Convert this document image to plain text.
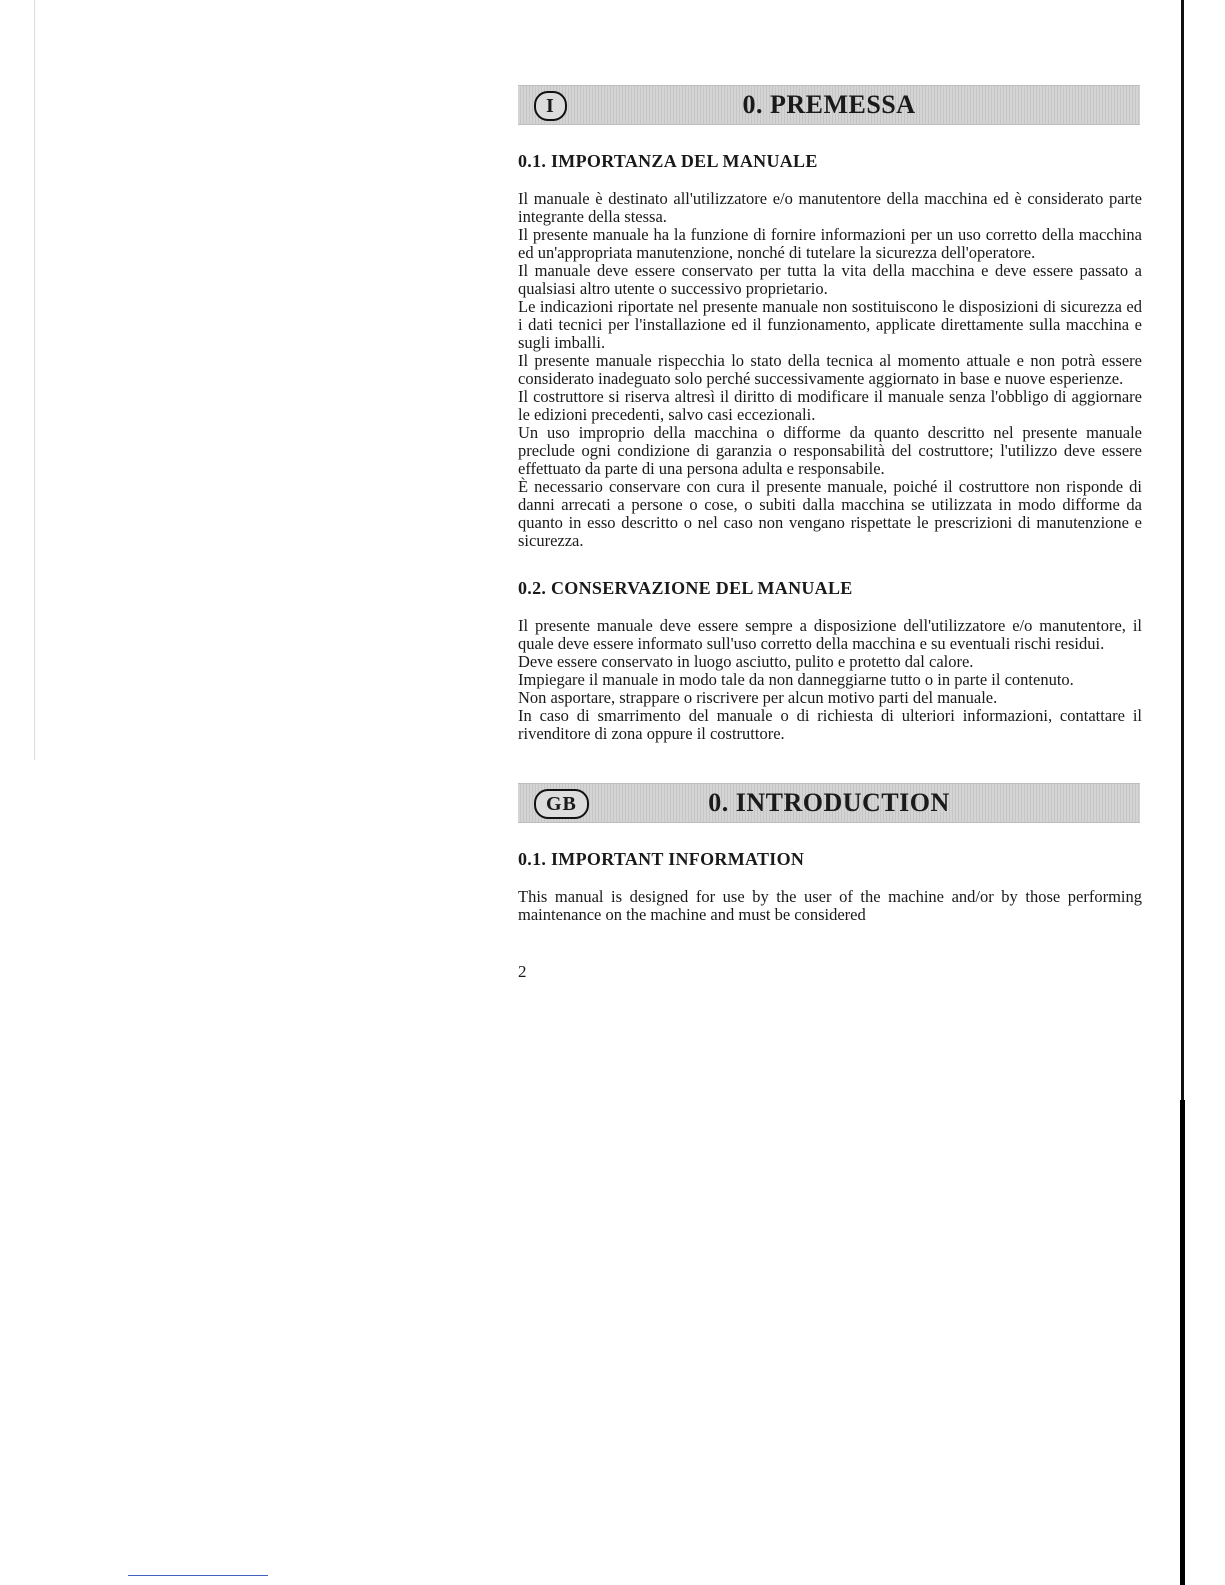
I	0. PREMESSA
0.1. IMPORTANZA DEL MANUALE

Il manuale è destinato all'utilizzatore e/o manutentore della macchina ed è considerato parte integrante della stessa.

Il presente manuale ha la funzione di fornire informazioni per un uso corretto della macchina ed un'appropriata manutenzione, nonché di tutelare la sicurezza dell'operatore.

Il manuale deve essere conservato per tutta la vita della macchina e deve essere passato a qualsiasi altro utente o successivo proprietario.

Le indicazioni riportate nel presente manuale non sostituiscono le disposizioni di sicurezza ed i dati tecnici per l'installazione ed il funzionamento, applicate direttamente sulla macchina e sugli imballi.

Il presente manuale rispecchia lo stato della tecnica al momento attuale e non potrà essere considerato inadeguato solo perché successivamente aggiornato in base e nuove esperienze.

Il costruttore si riserva altresì il diritto di modificare il manuale senza l'obbligo di aggiornare le edizioni precedenti, salvo casi eccezionali.

Un uso improprio della macchina o difforme da quanto descritto nel presente manuale preclude ogni condizione di garanzia o responsabilità del costruttore; l'utilizzo deve essere effettuato da parte di una persona adulta e responsabile.

È necessario conservare con cura il presente manuale, poiché il costruttore non risponde di danni arrecati a persone o cose, o subiti dalla macchina se utilizzata in modo difforme da quanto in esso descritto o nel caso non vengano rispettate le prescrizioni di manutenzione e sicurezza.

0.2. CONSERVAZIONE DEL MANUALE

Il presente manuale deve essere sempre a disposizione dell'utilizzatore e/o manutentore, il quale deve essere informato sull'uso corretto della macchina e su eventuali rischi residui.

Deve essere conservato in luogo asciutto, pulito e protetto dal calore.

Impiegare il manuale in modo tale da non danneggiarne tutto o in parte il contenuto.

Non asportare, strappare o riscrivere per alcun motivo parti del manuale.

In caso di smarrimento del manuale o di richiesta di ulteriori informazioni, contattare il rivenditore di zona oppure il costruttore.

GB	0. INTRODUCTION
0.1. IMPORTANT INFORMATION

This manual is designed for use by the user of the machine and/or by those performing maintenance on the machine and must be considered

2
